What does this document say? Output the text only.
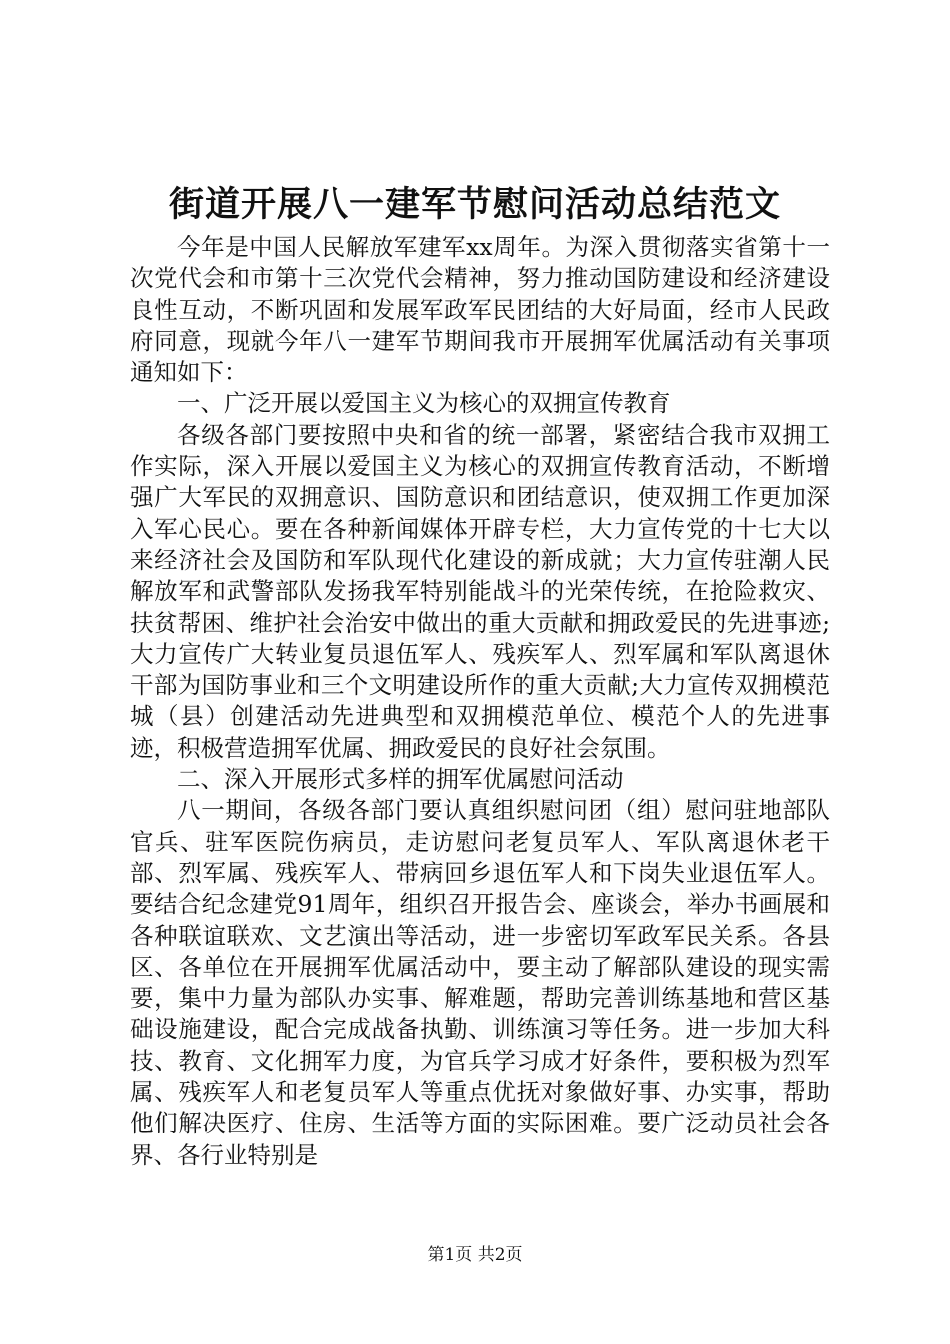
街道开展八一建军节慰问活动总结范文

今年是中国人民解放军建军xx周年。为深入贯彻落实省第十一次党代会和市第十三次党代会精神，努力推动国防建设和经济建设良性互动，不断巩固和发展军政军民团结的大好局面，经市人民政府同意，现就今年八一建军节期间我市开展拥军优属活动有关事项通知如下：

一、广泛开展以爱国主义为核心的双拥宣传教育

各级各部门要按照中央和省的统一部署，紧密结合我市双拥工作实际，深入开展以爱国主义为核心的双拥宣传教育活动，不断增强广大军民的双拥意识、国防意识和团结意识，使双拥工作更加深入军心民心。要在各种新闻媒体开辟专栏，大力宣传党的十七大以来经济社会及国防和军队现代化建设的新成就；大力宣传驻潮人民解放军和武警部队发扬我军特别能战斗的光荣传统，在抢险救灾、扶贫帮困、维护社会治安中做出的重大贡献和拥政爱民的先进事迹;大力宣传广大转业复员退伍军人、残疾军人、烈军属和军队离退休干部为国防事业和三个文明建设所作的重大贡献;大力宣传双拥模范城（县）创建活动先进典型和双拥模范单位、模范个人的先进事迹，积极营造拥军优属、拥政爱民的良好社会氛围。

二、深入开展形式多样的拥军优属慰问活动

八一期间，各级各部门要认真组织慰问团（组）慰问驻地部队官兵、驻军医院伤病员，走访慰问老复员军人、军队离退休老干部、烈军属、残疾军人、带病回乡退伍军人和下岗失业退伍军人。要结合纪念建党91周年，组织召开报告会、座谈会，举办书画展和各种联谊联欢、文艺演出等活动，进一步密切军政军民关系。各县区、各单位在开展拥军优属活动中，要主动了解部队建设的现实需要，集中力量为部队办实事、解难题，帮助完善训练基地和营区基础设施建设，配合完成战备执勤、训练演习等任务。进一步加大科技、教育、文化拥军力度，为官兵学习成才好条件，要积极为烈军属、残疾军人和老复员军人等重点优抚对象做好事、办实事，帮助他们解决医疗、住房、生活等方面的实际困难。要广泛动员社会各界、各行业特别是

第1页 共2页
